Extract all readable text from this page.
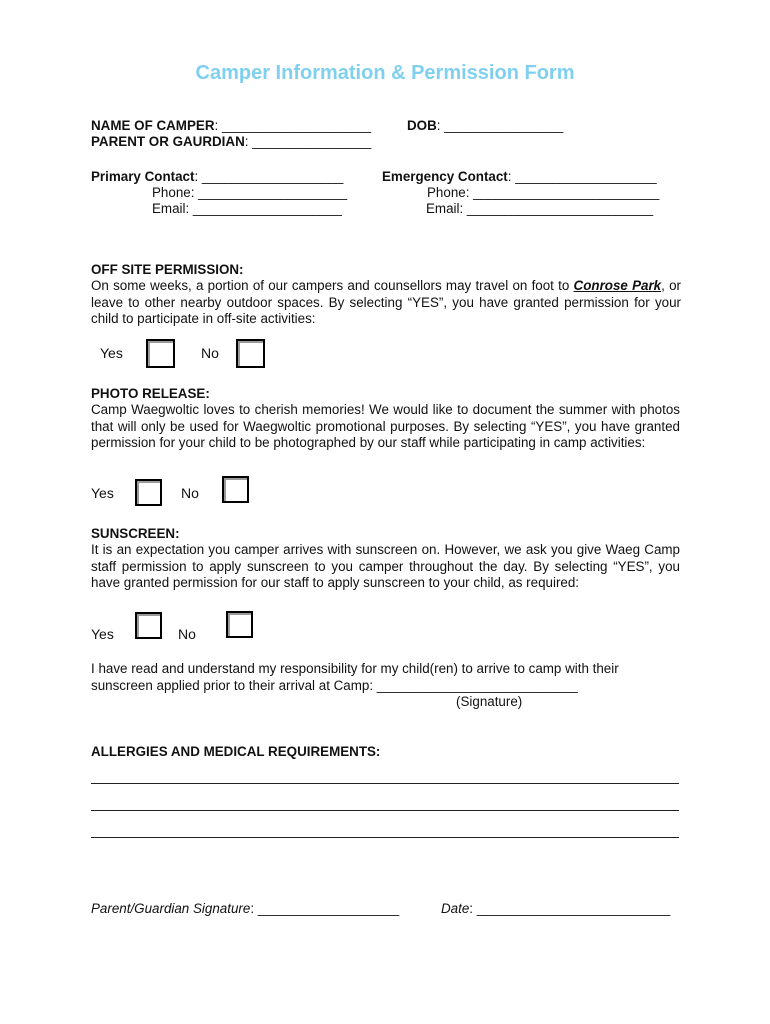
Camper Information & Permission Form
NAME OF CAMPER: ____________________	DOB: ________________
PARENT OR GAURDIAN: ________________
Primary Contact: ___________________
Phone: ____________________
Email: ____________________
Emergency Contact: ___________________
Phone: _________________________
Email: _________________________
OFF SITE PERMISSION:
On some weeks, a portion of our campers and counsellors may travel on foot to Conrose Park, or leave to other nearby outdoor spaces. By selecting “YES”, you have granted permission for your child to participate in off-site activities:
Yes	No
PHOTO RELEASE:
Camp Waegwoltic loves to cherish memories! We would like to document the summer with photos that will only be used for Waegwoltic promotional purposes. By selecting “YES”, you have granted permission for your child to be photographed by our staff while participating in camp activities:
Yes	No
SUNSCREEN:
It is an expectation you camper arrives with sunscreen on. However, we ask you give Waeg Camp staff permission to apply sunscreen to you camper throughout the day. By selecting “YES”, you have granted permission for our staff to apply sunscreen to your child, as required:
Yes	No
I have read and understand my responsibility for my child(ren) to arrive to camp with their
sunscreen applied prior to their arrival at Camp: ___________________________
(Signature)
ALLERGIES AND MEDICAL REQUIREMENTS:
Parent/Guardian Signature: ___________________	Date: __________________________
